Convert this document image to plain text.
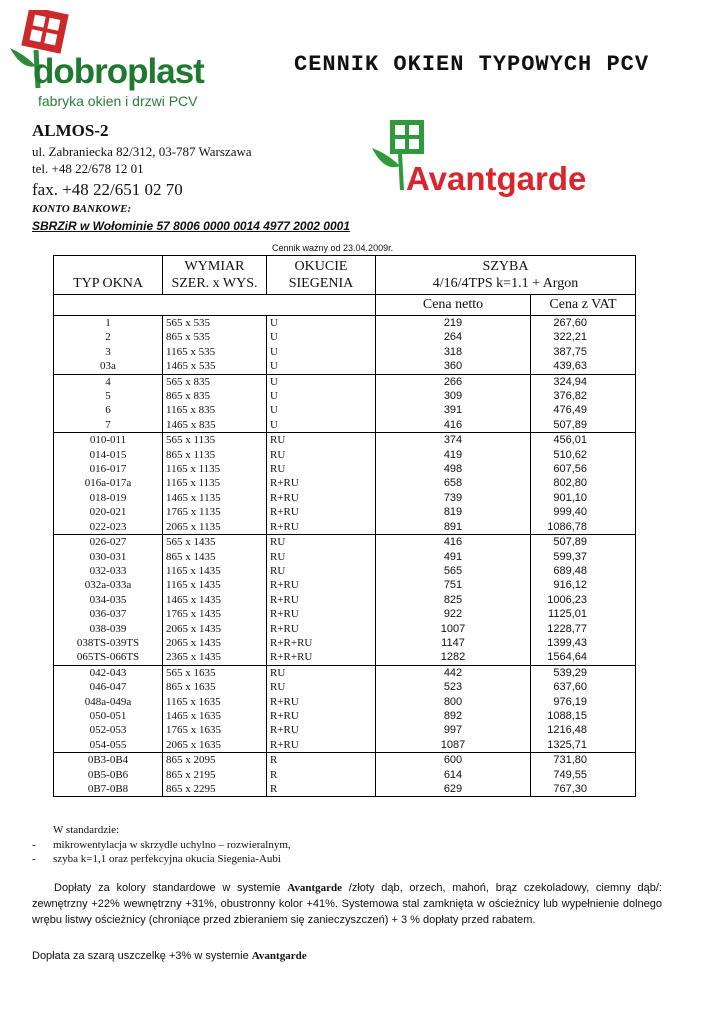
dobroplast
fabryka okien i drzwi PCV
CENNIK OKIEN TYPOWYCH PCV
ALMOS-2
ul. Zabraniecka 82/312, 03-787 Warszawa
tel. +48 22/678 12 01
fax. +48 22/651 02 70
KONTO BANKOWE:
SBRZiR w Wołominie 57 8006 0000 0014 4977 2002 0001
Avantgarde
Cennik ważny od 23.04.2009r.
	WYMIAR	OKUCIE	SZYBA	
TYP OKNA	SZER. x WYS.	SIEGENIA	4/16/4TPS k=1.1 + Argon	
			Cena netto	Cena z VAT
1	565 x 535	U	219	267,60
2	865 x 535	U	264	322,21
3	1165 x 535	U	318	387,75
03a	1465 x 535	U	360	439,63
4	565 x 835	U	266	324,94
5	865 x 835	U	309	376,82
6	1165 x 835	U	391	476,49
7	1465 x 835	U	416	507,89
010-011	565 x 1135	RU	374	456,01
014-015	865 x 1135	RU	419	510,62
016-017	1165 x 1135	RU	498	607,56
016a-017a	1165 x 1135	R+RU	658	802,80
018-019	1465 x 1135	R+RU	739	901,10
020-021	1765 x 1135	R+RU	819	999,40
022-023	2065 x 1135	R+RU	891	1086,78
026-027	565 x 1435	RU	416	507,89
030-031	865 x 1435	RU	491	599,37
032-033	1165 x 1435	RU	565	689,48
032a-033a	1165 x 1435	R+RU	751	916,12
034-035	1465 x 1435	R+RU	825	1006,23
036-037	1765 x 1435	R+RU	922	1125,01
038-039	2065 x 1435	R+RU	1007	1228,77
038TS-039TS	2065 x 1435	R+R+RU	1147	1399,43
065TS-066TS	2365 x 1435	R+R+RU	1282	1564,64
042-043	565 x 1635	RU	442	539,29
046-047	865 x 1635	RU	523	637,60
048a-049a	1165 x 1635	R+RU	800	976,19
050-051	1465 x 1635	R+RU	892	1088,15
052-053	1765 x 1635	R+RU	997	1216,48
054-055	2065 x 1635	R+RU	1087	1325,71
0B3-0B4	865 x 2095	R	600	731,80
0B5-0B6	865 x 2195	R	614	749,55
0B7-0B8	865 x 2295	R	629	767,30
W standardzie:
- mikrowentylacja w skrzydle uchylno – rozwieralnym,
- szyba k=1,1 oraz perfekcyjna okucia Siegenia-Aubi
Dopłaty za kolory standardowe w systemie Avantgarde /złoty dąb, orzech, mahoń, brąz czekoladowy, ciemny dąb/: zewnętrzny +22% wewnętrzny +31%, obustronny kolor +41%. Systemowa stal zamknięta w ościeżnicy lub wypełnienie dolnego wrębu listwy ościeżnicy (chroniące przed zbieraniem się zanieczyszczeń) + 3 % dopłaty przed rabatem.
Dopłata za szarą uszczelkę +3% w systemie Avantgarde
